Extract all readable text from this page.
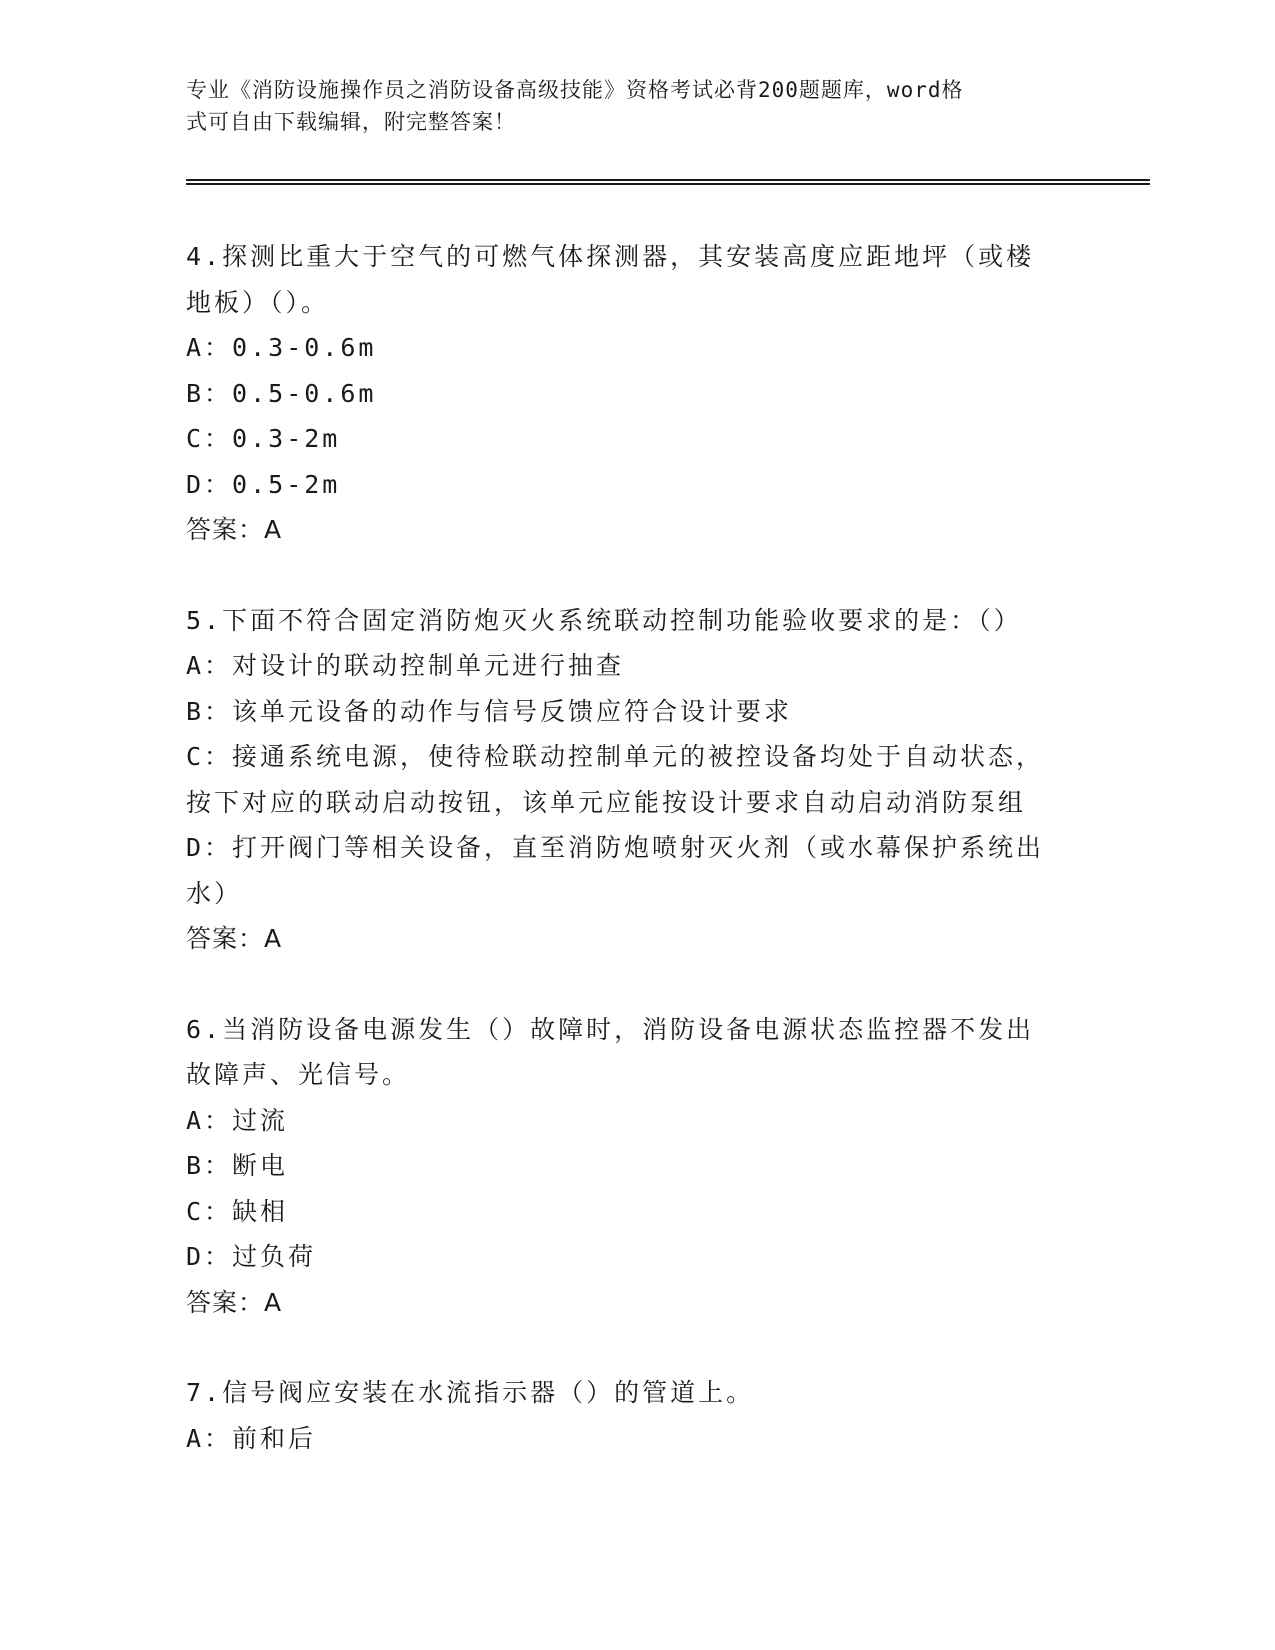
专业《消防设施操作员之消防设备高级技能》资格考试必背200题题库，word格
式可自由下载编辑，附完整答案！

4.探测比重大于空气的可燃气体探测器，其安装高度应距地坪（或楼

地板）（）。

A：0.3-0.6m

B：0.5-0.6m

C：0.3-2m

D：0.5-2m

答案：A

5.下面不符合固定消防炮灭火系统联动控制功能验收要求的是：（）

A：对设计的联动控制单元进行抽查

B：该单元设备的动作与信号反馈应符合设计要求

C：接通系统电源，使待检联动控制单元的被控设备均处于自动状态，

按下对应的联动启动按钮，该单元应能按设计要求自动启动消防泵组

D：打开阀门等相关设备，直至消防炮喷射灭火剂（或水幕保护系统出

水）

答案：A

6.当消防设备电源发生（）故障时，消防设备电源状态监控器不发出

故障声、光信号。

A：过流

B：断电

C：缺相

D：过负荷

答案：A

7.信号阀应安装在水流指示器（）的管道上。

A：前和后
